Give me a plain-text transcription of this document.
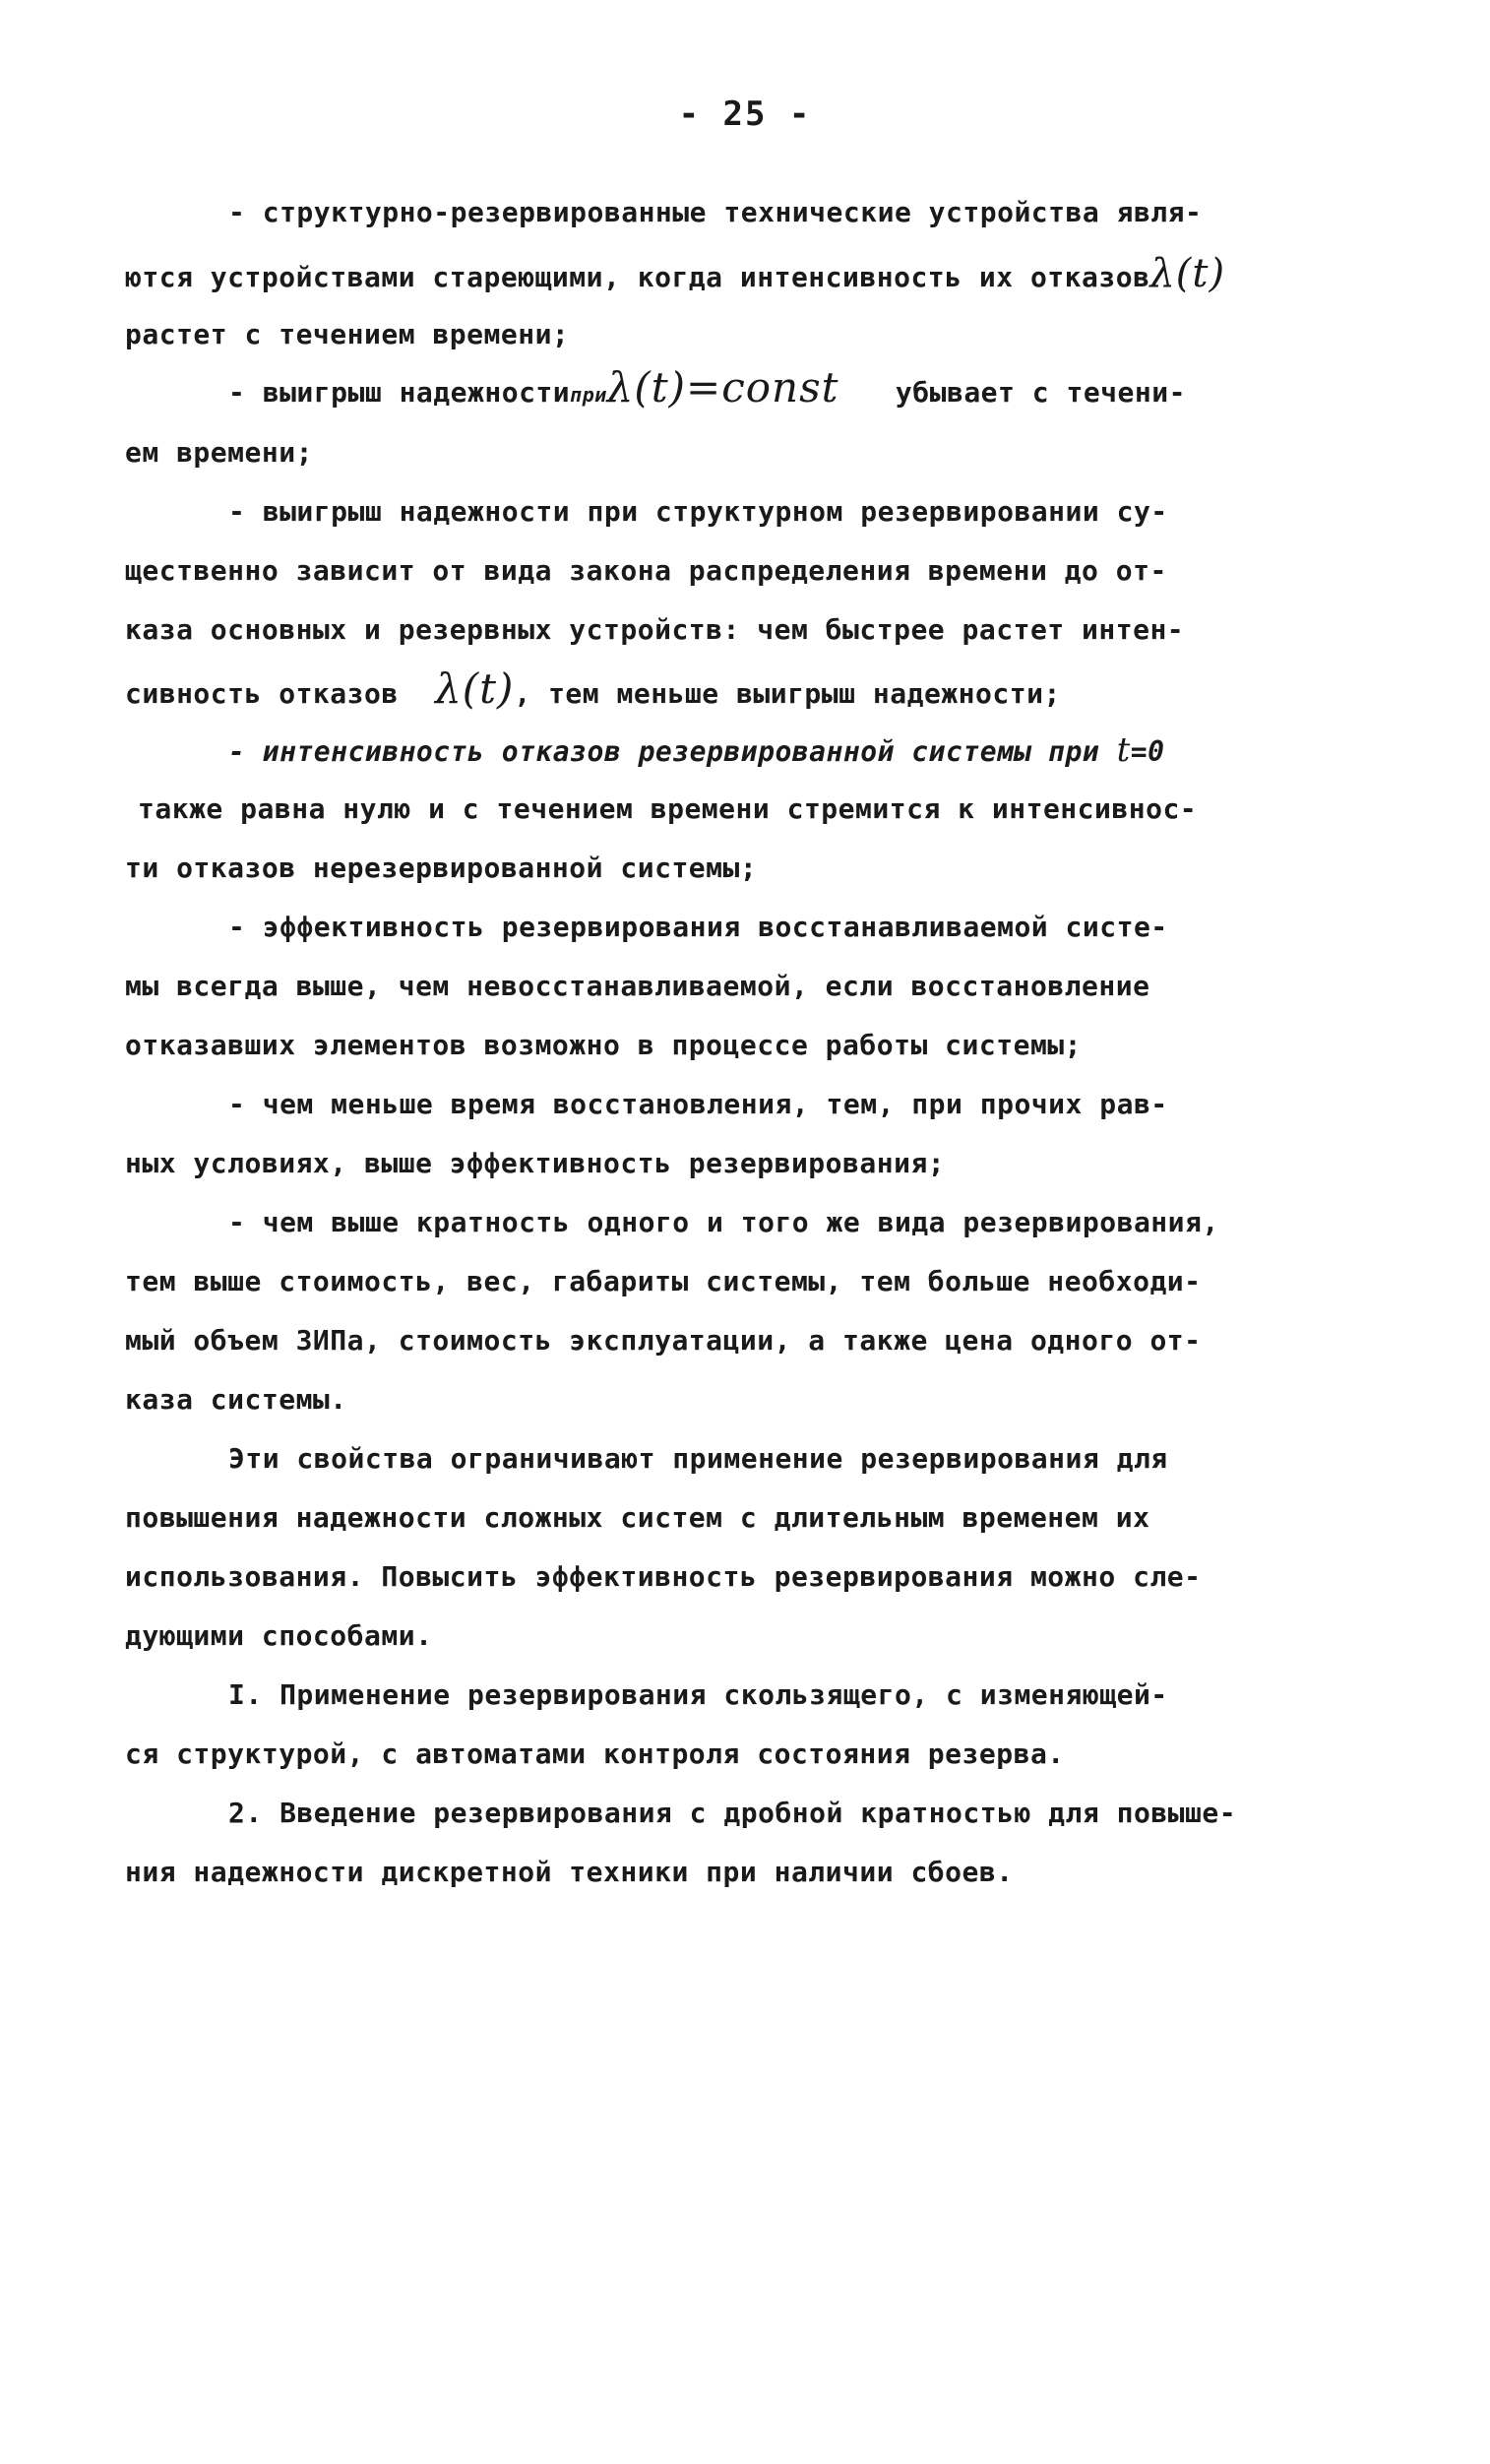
- 25 -
- структурно-резервированные технические устройства явля-
ются устройствами стареющими, когда интенсивность их отказовλ(t)
растет с течением времени;
- выигрыш надежностиприλ(t)=const убывает с течени-
ем времени;
- выигрыш надежности при структурном резервировании су-
щественно зависит от вида закона распределения времени до от-
каза основных и резервных устройств: чем быстрее растет интен-
сивность отказов λ(t), тем меньше выигрыш надежности;
- интенсивность отказов резервированной системы при t=0
также равна нулю и с течением времени стремится к интенсивнос-
ти отказов нерезервированной системы;
- эффективность резервирования восстанавливаемой систе-
мы всегда выше, чем невосстанавливаемой, если восстановление
отказавших элементов возможно в процессе работы системы;
- чем меньше время восстановления, тем, при прочих рав-
ных условиях, выше эффективность резервирования;
- чем выше кратность одного и того же вида резервирования,
тем выше стоимость, вес, габариты системы, тем больше необходи-
мый объем ЗИПа, стоимость эксплуатации, а также цена одного от-
каза системы.
Эти свойства ограничивают применение резервирования для
повышения надежности сложных систем с длительным временем их
использования. Повысить эффективность резервирования можно сле-
дующими способами.
I. Применение резервирования скользящего, с изменяющей-
ся структурой, с автоматами контроля состояния резерва.
2. Введение резервирования с дробной кратностью для повыше-
ния надежности дискретной техники при наличии сбоев.
